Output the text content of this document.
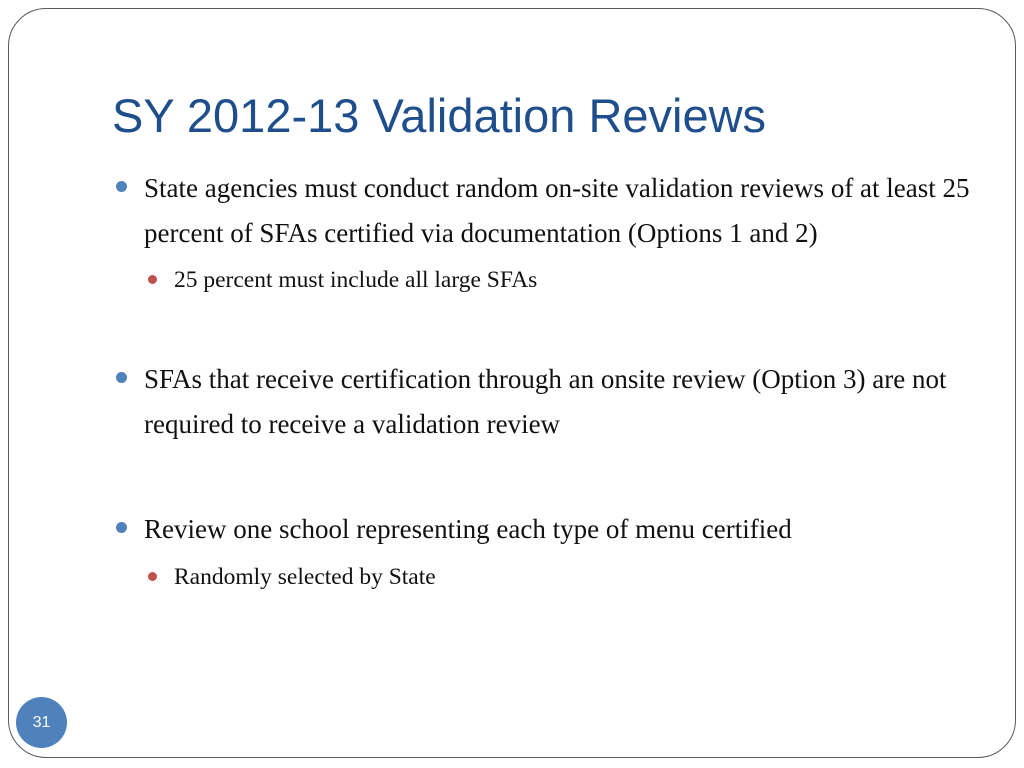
SY 2012-13 Validation Reviews
State agencies must conduct random on-site validation reviews of at least 25 percent of SFAs certified via documentation (Options 1 and 2)
25 percent must include all large SFAs
SFAs that receive certification through an onsite review (Option 3) are not required to receive a validation review
Review one school representing each type of menu certified
Randomly selected by State
31
